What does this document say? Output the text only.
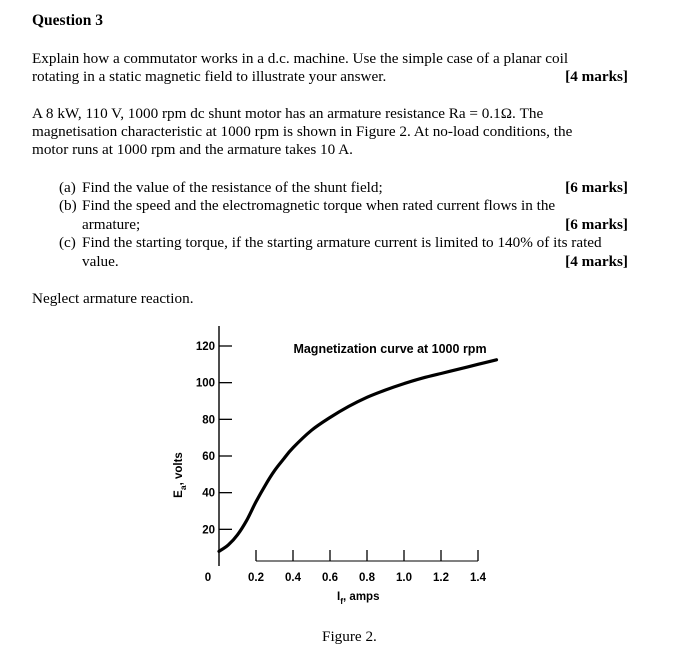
Question 3
Explain how a commutator works in a d.c. machine. Use the simple case of a planar coil
rotating in a static magnetic field to illustrate your answer.	[4 marks]
A 8 kW, 110 V, 1000 rpm dc shunt motor has an armature resistance Ra = 0.1Ω. The
magnetisation characteristic at 1000 rpm is shown in Figure 2. At no-load conditions, the
motor runs at 1000 rpm and the armature takes 10 A.
(a) Find the value of the resistance of the shunt field;	[6 marks]
(b) Find the speed and the electromagnetic torque when rated current flows in the
armature;	[6 marks]
(c) Find the starting torque, if the starting armature current is limited to 140% of its rated
value.	[4 marks]
Neglect armature reaction.
20
40
60
80
100
120
0.2 0.4 0.6 0.8 1.0 1.2 1.4
Magnetization curve at 1000 rpm
0
$I_f$, amps
$E_a$, volts
Figure 2.
